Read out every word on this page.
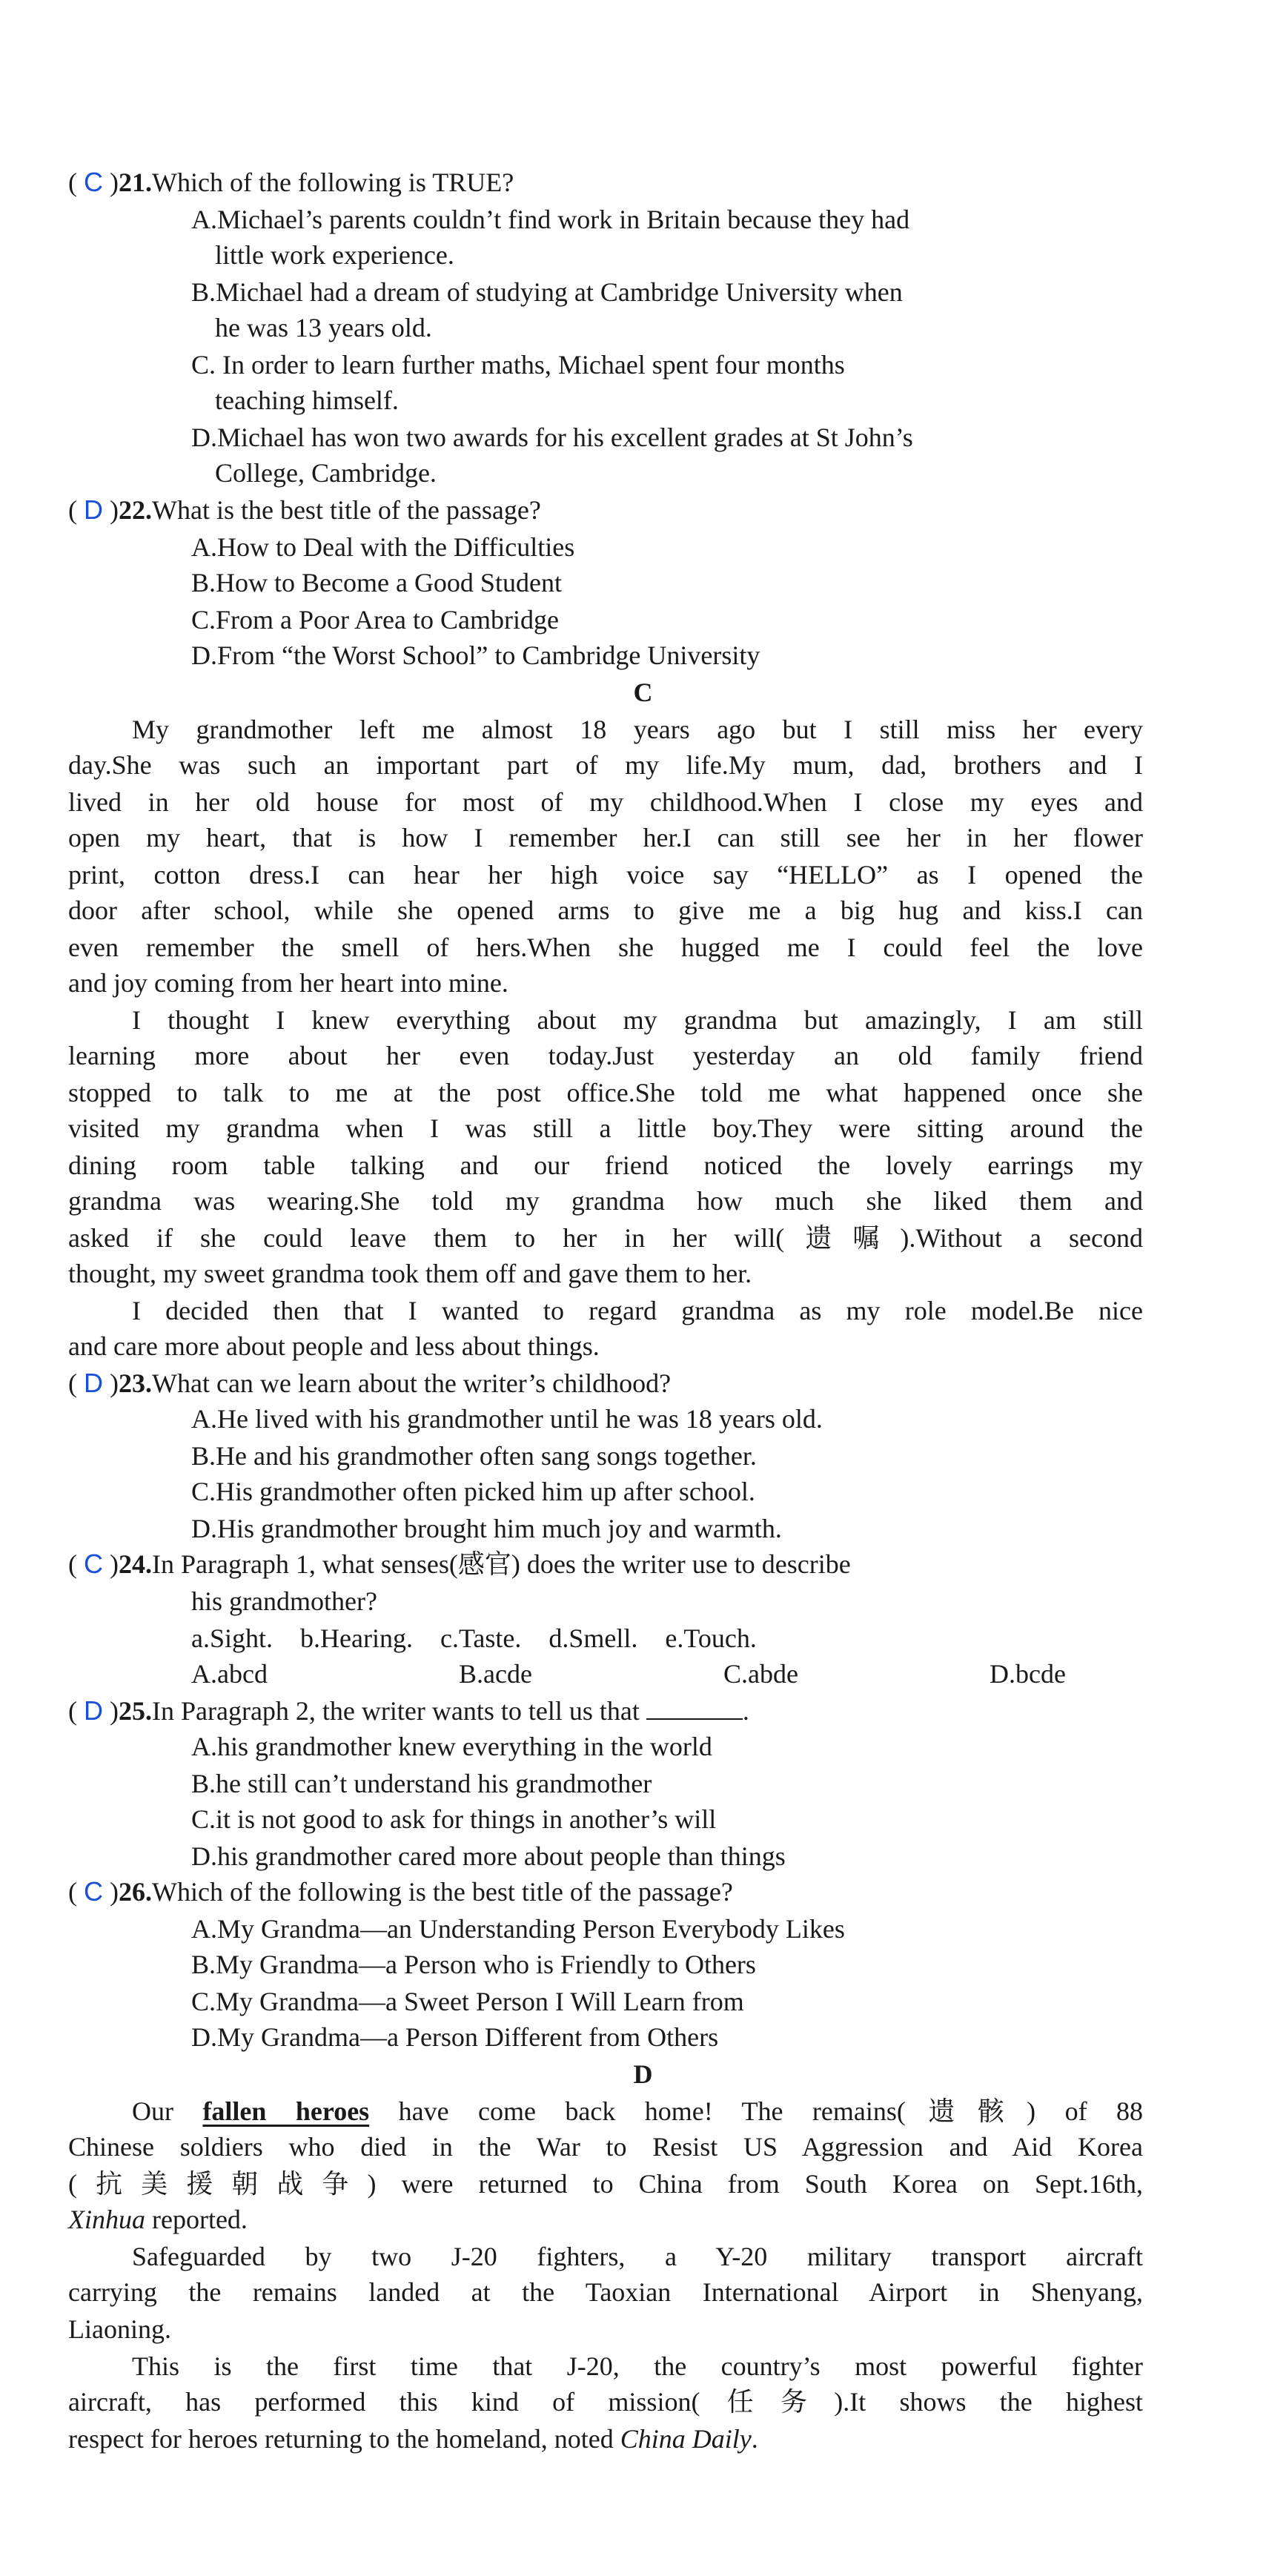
( C )21.Which of the following is TRUE?
A.Michael’s parents couldn’t find work in Britain because they had
little work experience.
B.Michael had a dream of studying at Cambridge University when
he was 13 years old.
C. In order to learn further maths, Michael spent four months
teaching himself.
D.Michael has won two awards for his excellent grades at St John’s
College, Cambridge.
( D )22.What is the best title of the passage?
A.How to Deal with the Difficulties
B.How to Become a Good Student
C.From a Poor Area to Cambridge
D.From “the Worst School” to Cambridge University
C
My grandmother left me almost 18 years ago but I still miss her every
day.She was such an important part of my life.My mum, dad, brothers and I
lived in her old house for most of my childhood.When I close my eyes and
open my heart, that is how I remember her.I can still see her in her flower
print, cotton dress.I can hear her high voice say “HELLO” as I opened the
door after school, while she opened arms to give me a big hug and kiss.I can
even remember the smell of hers.When she hugged me I could feel the love
and joy coming from her heart into mine.
I thought I knew everything about my grandma but amazingly, I am still
learning more about her even today.Just yesterday an old family friend
stopped to talk to me at the post office.She told me what happened once she
visited my grandma when I was still a little boy.They were sitting around the
dining room table talking and our friend noticed the lovely earrings my
grandma was wearing.She told my grandma how much she liked them and
asked if she could leave them to her in her will(遗嘱).Without a second
thought, my sweet grandma took them off and gave them to her.
I decided then that I wanted to regard grandma as my role model.Be nice
and care more about people and less about things.
( D )23.What can we learn about the writer’s childhood?
A.He lived with his grandmother until he was 18 years old.
B.He and his grandmother often sang songs together.
C.His grandmother often picked him up after school.
D.His grandmother brought him much joy and warmth.
( C )24.In Paragraph 1, what senses(感官) does the writer use to describe
his grandmother?
a.Sight. b.Hearing. c.Taste. d.Smell. e.Touch.
A.abcd	B.acde	C.abde	D.bcde
( D )25.In Paragraph 2, the writer wants to tell us that	.
A.his grandmother knew everything in the world
B.he still can’t understand his grandmother
C.it is not good to ask for things in another’s will
D.his grandmother cared more about people than things
( C )26.Which of the following is the best title of the passage?
A.My Grandma—an Understanding Person Everybody Likes
B.My Grandma—a Person who is Friendly to Others
C.My Grandma—a Sweet Person I Will Learn from
D.My Grandma—a Person Different from Others
D
Our fallen heroes have come back home! The remains(遗骸) of 88
Chinese soldiers who died in the War to Resist US Aggression and Aid Korea
(抗美援朝战争) were returned to China from South Korea on Sept.16th,
Xinhua reported.
Safeguarded by two J-20 fighters, a Y-20 military transport aircraft
carrying the remains landed at the Taoxian International Airport in Shenyang,
Liaoning.
This is the first time that J-20, the country’s most powerful fighter
aircraft, has performed this kind of mission(任务).It shows the highest
respect for heroes returning to the homeland, noted China Daily.
